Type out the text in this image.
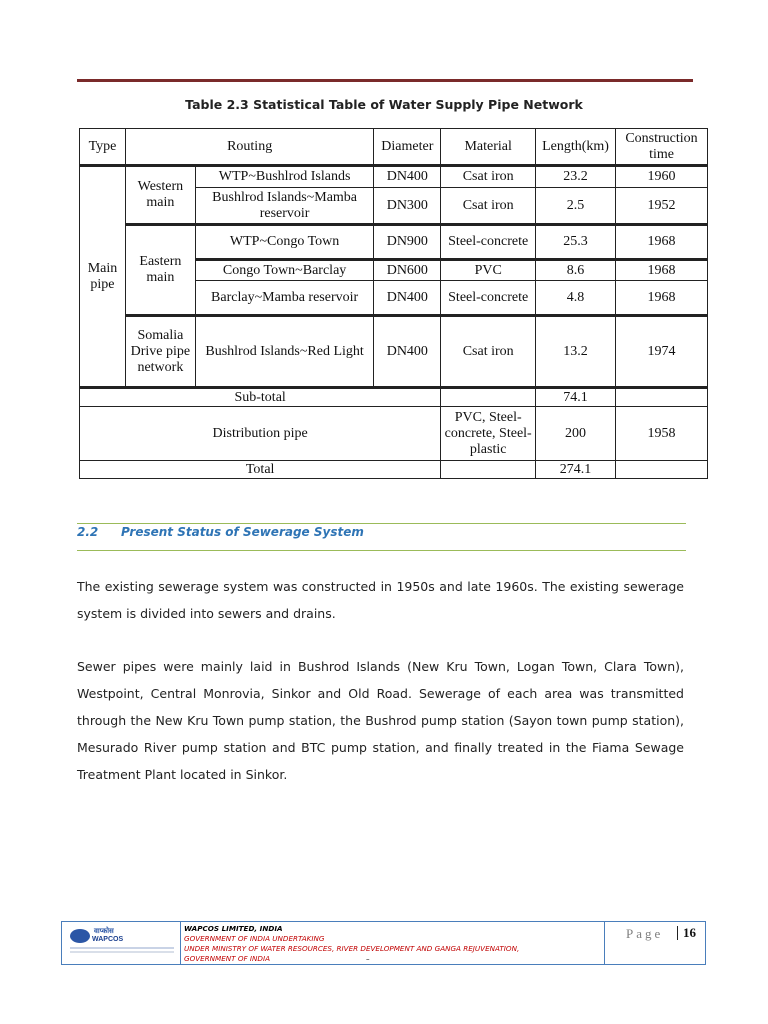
Table 2.3 Statistical Table of Water Supply Pipe Network
Type	Routing		Diameter	Material	Length(km)	Construction time
Main pipe	Western main	WTP~Bushlrod Islands	DN400	Csat iron	23.2	1960
		Bushlrod Islands~Mamba reservoir	DN300	Csat iron	2.5	1952
	Eastern main	WTP~Congo Town	DN900	Steel-concrete	25.3	1968
		Congo Town~Barclay	DN600	PVC	8.6	1968
		Barclay~Mamba reservoir	DN400	Steel-concrete	4.8	1968
	Somalia Drive pipe network	Bushlrod Islands~Red Light	DN400	Csat iron	13.2	1974
Sub-total					74.1	
Distribution pipe				PVC, Steel-concrete, Steel-plastic	200	1958
Total					274.1	
2.2 Present Status of Sewerage System
The existing sewerage system was constructed in 1950s and late 1960s. The existing sewerage system is divided into sewers and drains.
Sewer pipes were mainly laid in Bushrod Islands (New Kru Town, Logan Town, Clara Town), Westpoint, Central Monrovia, Sinkor and Old Road. Sewerage of each area was transmitted through the New Kru Town pump station, the Bushrod pump station (Sayon town pump station), Mesurado River pump station and BTC pump station, and finally treated in the Fiama Sewage Treatment Plant located in Sinkor.
वाप्कोस
WAPCOS
WAPCOS LIMITED, INDIA
GOVERNMENT OF INDIA UNDERTAKING
UNDER MINISTRY OF WATER RESOURCES, RIVER DEVELOPMENT AND GANGA REJUVENATION,
GOVERNMENT OF INDIA	–
Page 16
